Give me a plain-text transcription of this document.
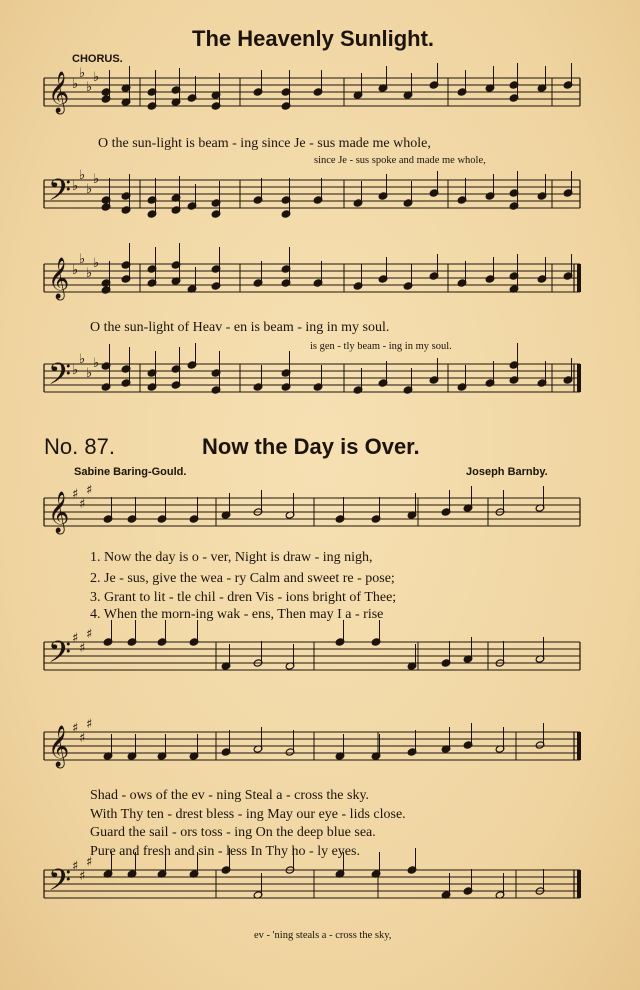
The Heavenly Sunlight.
CHORUS.
𝄞 ♭
♭
♭
♭
O the sun-light is beam - ing since Je - sus made me whole,
since Je - sus spoke and made me whole,
𝄢 ♭
♭
♭
♭
𝄞 ♭
♭
♭
♭
O the sun-light of Heav - en is beam - ing in my soul.
is gen - tly beam - ing in my soul.
𝄢 ♭
♭
♭
♭
No. 87.	Now the Day is Over.
Sabine Baring-Gould.	Joseph Barnby.
𝄞 ♯
♯
♯
1. Now the day is o - ver, Night is draw - ing nigh,
2. Je - sus, give the wea - ry Calm and sweet re - pose;
3. Grant to lit - tle chil - dren Vis - ions bright of Thee;
4. When the morn-ing wak - ens, Then may I a - rise
𝄢 ♯
♯
♯
𝄞 ♯
♯
♯
Shad - ows of the ev - ning Steal a - cross the sky.
With Thy ten - drest bless - ing May our eye - lids close.
Guard the sail - ors toss - ing On the deep blue sea.
Pure and fresh and sin - less In Thy ho - ly eyes.
𝄢 ♯
♯
♯
ev - 'ning steals a - cross the sky,
